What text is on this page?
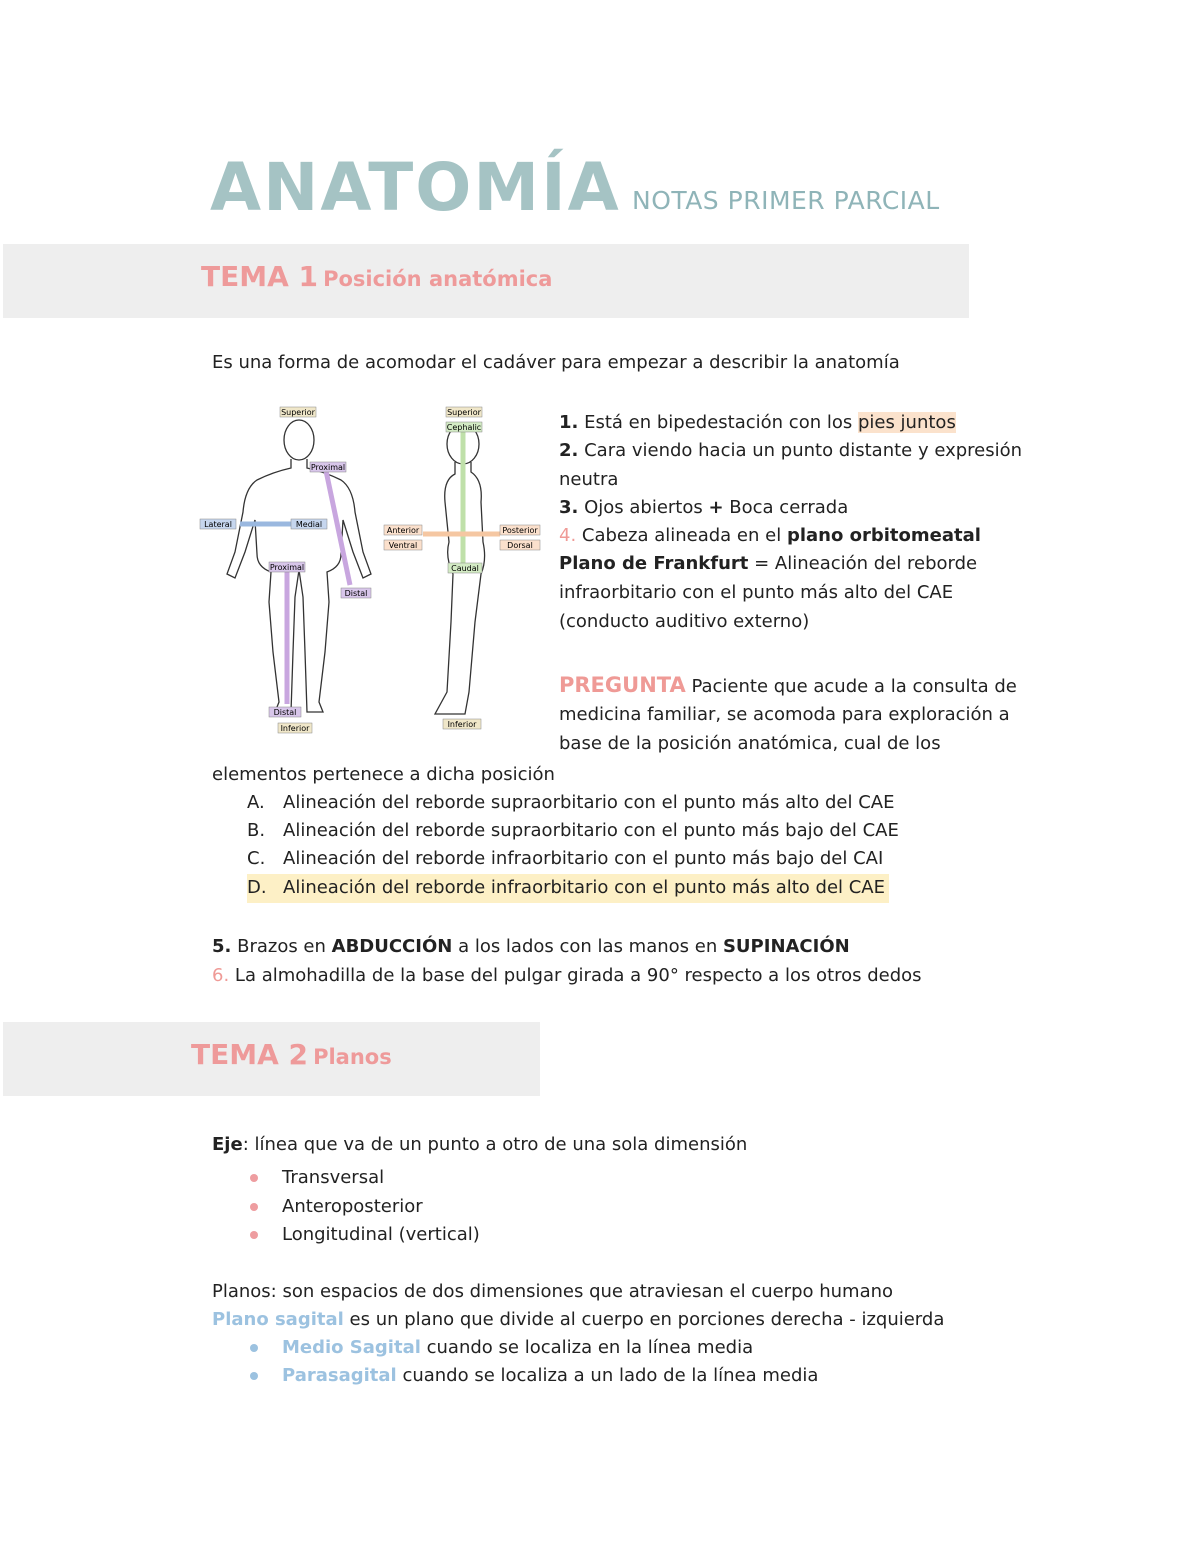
ANATOMÍA NOTAS PRIMER PARCIAL
TEMA 1 Posición anatómica
Es una forma de acomodar el cadáver para empezar a describir la anatomía
Superior
Proximal
Lateral	Medial
Proximal
Distal
Distal
Inferior
Superior
Cephalic
Anterior
Ventral
Posterior
Dorsal
Caudal
Inferior
1. Está en bipedestación con los pies juntos
2. Cara viendo hacia un punto distante y expresión
neutra
3. Ojos abiertos + Boca cerrada
4. Cabeza alineada en el plano orbitomeatal
Plano de Frankfurt = Alineación del reborde
infraorbitario con el punto más alto del CAE
(conducto auditivo externo)
PREGUNTA Paciente que acude a la consulta de
medicina familiar, se acomoda para exploración a
base de la posición anatómica, cual de los
elementos pertenece a dicha posición
A. Alineación del reborde supraorbitario con el punto más alto del CAE
B. Alineación del reborde supraorbitario con el punto más bajo del CAE
C. Alineación del reborde infraorbitario con el punto más bajo del CAI
D. Alineación del reborde infraorbitario con el punto más alto del CAE
5. Brazos en ABDUCCIÓN a los lados con las manos en SUPINACIÓN
6. La almohadilla de la base del pulgar girada a 90° respecto a los otros dedos
TEMA 2 Planos
Eje: línea que va de un punto a otro de una sola dimensión
Transversal
Anteroposterior
Longitudinal (vertical)
Planos: son espacios de dos dimensiones que atraviesan el cuerpo humano
Plano sagital es un plano que divide al cuerpo en porciones derecha - izquierda
Medio Sagital cuando se localiza en la línea media
Parasagital cuando se localiza a un lado de la línea media
